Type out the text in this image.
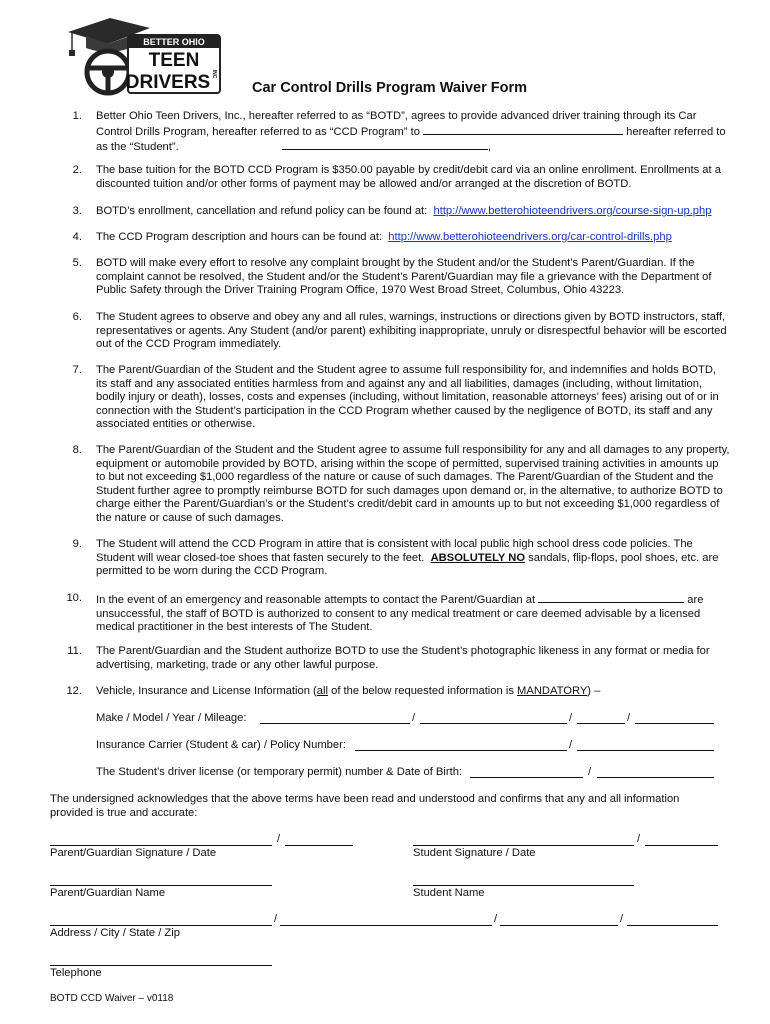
BETTER OHIO
TEEN
DRIVERS INC
Car Control Drills Program Waiver Form
1. Better Ohio Teen Drivers, Inc., hereafter referred to as “BOTD”, agrees to provide advanced driver training through its Car Control Drills Program, hereafter referred to as “CCD Program” to	hereafter referred to as the “Student”.	,
2. The base tuition for the BOTD CCD Program is $350.00 payable by credit/debit card via an online enrollment. Enrollments at a discounted tuition and/or other forms of payment may be allowed and/or arranged at the discretion of BOTD.
3. BOTD’s enrollment, cancellation and refund policy can be found at: http://www.betterohioteendrivers.org/course-sign-up.php
4. The CCD Program description and hours can be found at: http://www.betterohioteendrivers.org/car-control-drills.php
5. BOTD will make every effort to resolve any complaint brought by the Student and/or the Student’s Parent/Guardian. If the complaint cannot be resolved, the Student and/or the Student’s Parent/Guardian may file a grievance with the Department of Public Safety through the Driver Training Program Office, 1970 West Broad Street, Columbus, Ohio 43223.
6. The Student agrees to observe and obey any and all rules, warnings, instructions or directions given by BOTD instructors, staff, representatives or agents. Any Student (and/or parent) exhibiting inappropriate, unruly or disrespectful behavior will be escorted out of the CCD Program immediately.
7. The Parent/Guardian of the Student and the Student agree to assume full responsibility for, and indemnifies and holds BOTD, its staff and any associated entities harmless from and against any and all liabilities, damages (including, without limitation, bodily injury or death), losses, costs and expenses (including, without limitation, reasonable attorneys’ fees) arising out of or in connection with the Student’s participation in the CCD Program whether caused by the negligence of BOTD, its staff and any associated entities or otherwise.
8. The Parent/Guardian of the Student and the Student agree to assume full responsibility for any and all damages to any property, equipment or automobile provided by BOTD, arising within the scope of permitted, supervised training activities in amounts up to but not exceeding $1,000 regardless of the nature or cause of such damages. The Parent/Guardian of the Student and the Student further agree to promptly reimburse BOTD for such damages upon demand or, in the alternative, to authorize BOTD to charge either the Parent/Guardian’s or the Student’s credit/debit card in amounts up to but not exceeding $1,000 regardless of the nature or cause of such damages.
9. The Student will attend the CCD Program in attire that is consistent with local public high school dress code policies. The Student will wear closed-toe shoes that fasten securely to the feet. ABSOLUTELY NO sandals, flip-flops, pool shoes, etc. are permitted to be worn during the CCD Program.
10. In the event of an emergency and reasonable attempts to contact the Parent/Guardian at	are unsuccessful, the staff of BOTD is authorized to consent to any medical treatment or care deemed advisable by a licensed medical practitioner in the best interests of The Student.
11. The Parent/Guardian and the Student authorize BOTD to use the Student’s photographic likeness in any format or media for advertising, marketing, trade or any other lawful purpose.
12. Vehicle, Insurance and License Information (all of the below requested information is MANDATORY) –
Make / Model / Year / Mileage:	/	/	/
Insurance Carrier (Student & car) / Policy Number:	/
The Student’s driver license (or temporary permit) number & Date of Birth:	/
The undersigned acknowledges that the above terms have been read and understood and confirms that any and all information provided is true and accurate:
/
Parent/Guardian Signature / Date
/
Student Signature / Date
Parent/Guardian Name	Student Name
/	/	/
Address / City / State / Zip
Telephone
BOTD CCD Waiver – v0118
